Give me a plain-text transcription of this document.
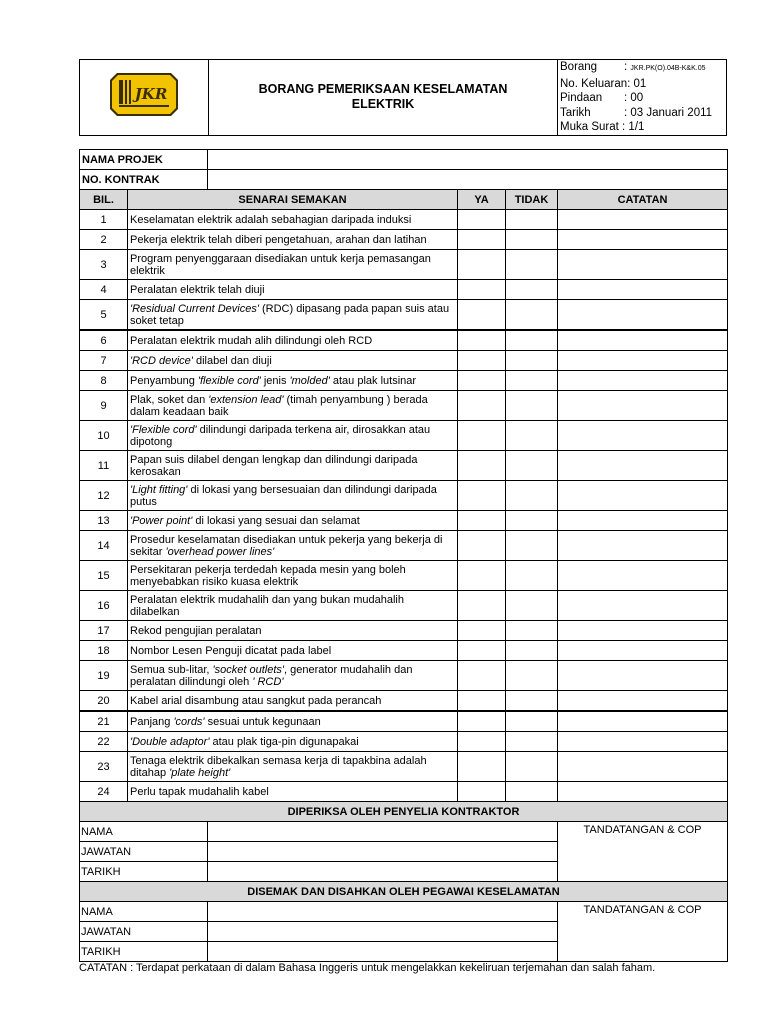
JKR	BORANG PEMERIKSAAN KESELAMATAN
ELEKTRIK

Borang : JKR.PK(O).04B-K&K.05
No. Keluaran: 01
Pindaan : 00
Tarikh	: 03 Januari 2011
Muka Surat : 1/1
NAMA PROJEK					
NO. KONTRAK					
BIL.	SENARAI SEMAKAN		YA	TIDAK	CATATAN
1	Keselamatan elektrik adalah sebahagian daripada induksi				
2	Pekerja elektrik telah diberi pengetahuan, arahan dan latihan				
3	Program penyenggaraan disediakan untuk kerja pemasangan elektrik				
4	Peralatan elektrik telah diuji				
5	'Residual Current Devices' (RDC) dipasang pada papan suis atau soket tetap				
6	Peralatan elektrik mudah alih dilindungi oleh RCD				
7	'RCD device' dilabel dan diuji				
8	Penyambung 'flexible cord' jenis 'molded' atau plak lutsinar				
9	Plak, soket dan 'extension lead' (timah penyambung ) berada dalam keadaan baik				
10	'Flexible cord' dilindungi daripada terkena air, dirosakkan atau dipotong				
11	Papan suis dilabel dengan lengkap dan dilindungi daripada kerosakan				
12	'Light fitting' di lokasi yang bersesuaian dan dilindungi daripada putus				
13	'Power point' di lokasi yang sesuai dan selamat				
14	Prosedur keselamatan disediakan untuk pekerja yang bekerja di sekitar 'overhead power lines'				
15	Persekitaran pekerja terdedah kepada mesin yang boleh menyebabkan risiko kuasa elektrik				
16	Peralatan elektrik mudahalih dan yang bukan mudahalih dilabelkan				
17	Rekod pengujian peralatan				
18	Nombor Lesen Penguji dicatat pada label				
19	Semua sub-litar, 'socket outlets', generator mudahalih dan peralatan dilindungi oleh ' RCD'				
20	Kabel arial disambung atau sangkut pada perancah				
21	Panjang 'cords' sesuai untuk kegunaan				
22	'Double adaptor' atau plak tiga-pin digunapakai				
23	Tenaga elektrik dibekalkan semasa kerja di tapakbina adalah ditahap 'plate height'				
24	Perlu tapak mudahalih kabel				
DIPERIKSA OLEH PENYELIA KONTRAKTOR					
NAMA					TANDATANGAN & COP
JAWATAN					
TARIKH					
DISEMAK DAN DISAHKAN OLEH PEGAWAI KESELAMATAN					
NAMA					TANDATANGAN & COP
JAWATAN					
TARIKH					
CATATAN : Terdapat perkataan di dalam Bahasa Inggeris untuk mengelakkan kekeliruan terjemahan dan salah faham.
